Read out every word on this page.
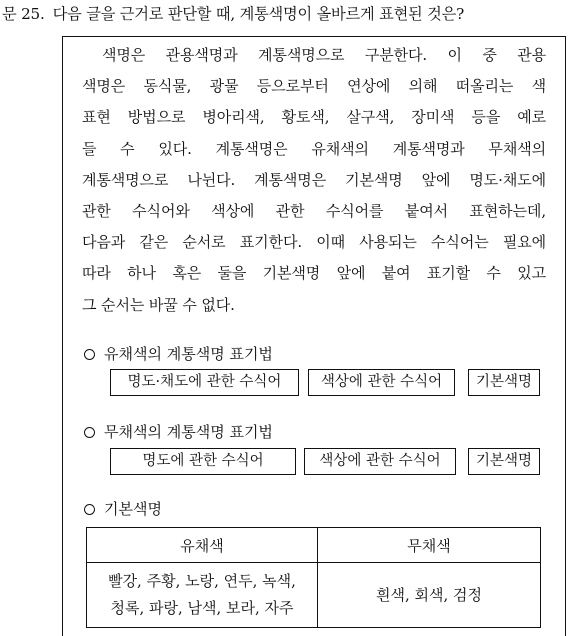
문 25. 다음 글을 근거로 판단할 때, 계통색명이 올바르게 표현된 것은?
색명은 관용색명과 계통색명으로 구분한다. 이 중 관용
색명은 동식물, 광물 등으로부터 연상에 의해 떠올리는 색
표현 방법으로 병아리색, 황토색, 살구색, 장미색 등을 예로
들 수 있다. 계통색명은 유채색의 계통색명과 무채색의
계통색명으로 나뉜다. 계통색명은 기본색명 앞에 명도·채도에
관한 수식어와 색상에 관한 수식어를 붙여서 표현하는데,
다음과 같은 순서로 표기한다. 이때 사용되는 수식어는 필요에
따라 하나 혹은 둘을 기본색명 앞에 붙여 표기할 수 있고
그 순서는 바꿀 수 없다.
유채색의 계통색명 표기법
명도·채도에 관한 수식어	색상에 관한 수식어	기본색명
무채색의 계통색명 표기법
명도에 관한 수식어	색상에 관한 수식어	기본색명
기본색명
유채색	무채색

빨강, 주황, 노랑, 연두, 녹색,
청록, 파랑, 남색, 보라, 자주	흰색, 회색, 검정
